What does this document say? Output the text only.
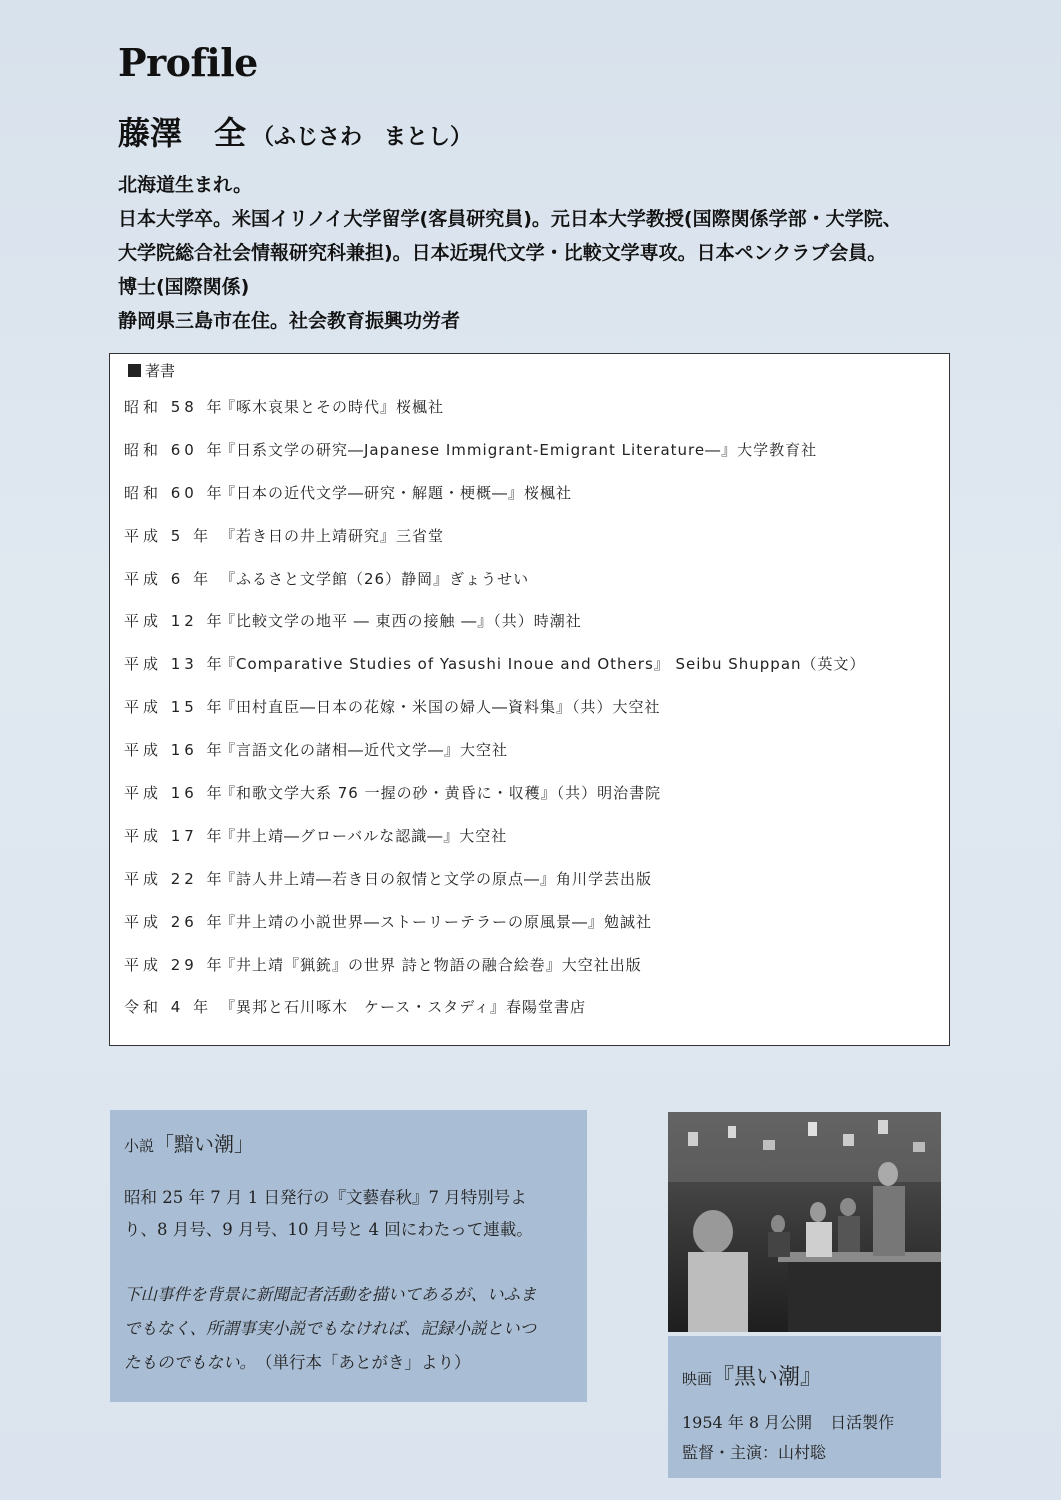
Profile
藤澤　全 （ふじさわ　まとし）
北海道生まれ。
日本大学卒。米国イリノイ大学留学(客員研究員)。元日本大学教授(国際関係学部・大学院、
大学院総合社会情報研究科兼担)。日本近現代文学・比較文学専攻。日本ペンクラブ会員。
博士(国際関係)
静岡県三島市在住。社会教育振興功労者
著書
昭和 58 年
『啄木哀果とその時代』桜楓社
昭和 60 年
『日系文学の研究―Japanese Immigrant-Emigrant Literature―』大学教育社
昭和 60 年
『日本の近代文学―研究・解題・梗概―』桜楓社
平成 5 年 『若き日の井上靖研究』三省堂
平成 6 年 『ふるさと文学館（26）静岡』ぎょうせい
平成 12 年
『比較文学の地平 ― 東西の接触 ―』（共）時潮社
平成 13 年
『Comparative Studies of Yasushi Inoue and Others』 Seibu Shuppan（英文）
平成 15 年
『田村直臣―日本の花嫁・米国の婦人―資料集』（共）大空社
平成 16 年
『言語文化の諸相―近代文学―』大空社
平成 16 年
『和歌文学大系 76 一握の砂・黄昏に・収穫』（共）明治書院
平成 17 年
『井上靖―グローバルな認識―』大空社
平成 22 年
『詩人井上靖―若き日の叙情と文学の原点―』角川学芸出版
平成 26 年
『井上靖の小説世界―ストーリーテラーの原風景―』勉誠社
平成 29 年
『井上靖『猟銃』の世界 詩と物語の融合絵巻』大空社出版
令和 4 年 『異邦と石川啄木　ケース・スタディ』春陽堂書店
小説「黯い潮」
昭和 25 年 7 月 1 日発行の『文藝春秋』7 月特別号よ
り、8 月号、9 月号、10 月号と 4 回にわたって連載。
下山事件を背景に新聞記者活動を描いてあるが、いふま
でもなく、所謂事実小説でもなければ、記録小説といつ
たものでもない。　 （単行本「あとがき」より）
映画『黒い潮』
1954 年 8 月公開 日活製作
監督・主演：山村聡
